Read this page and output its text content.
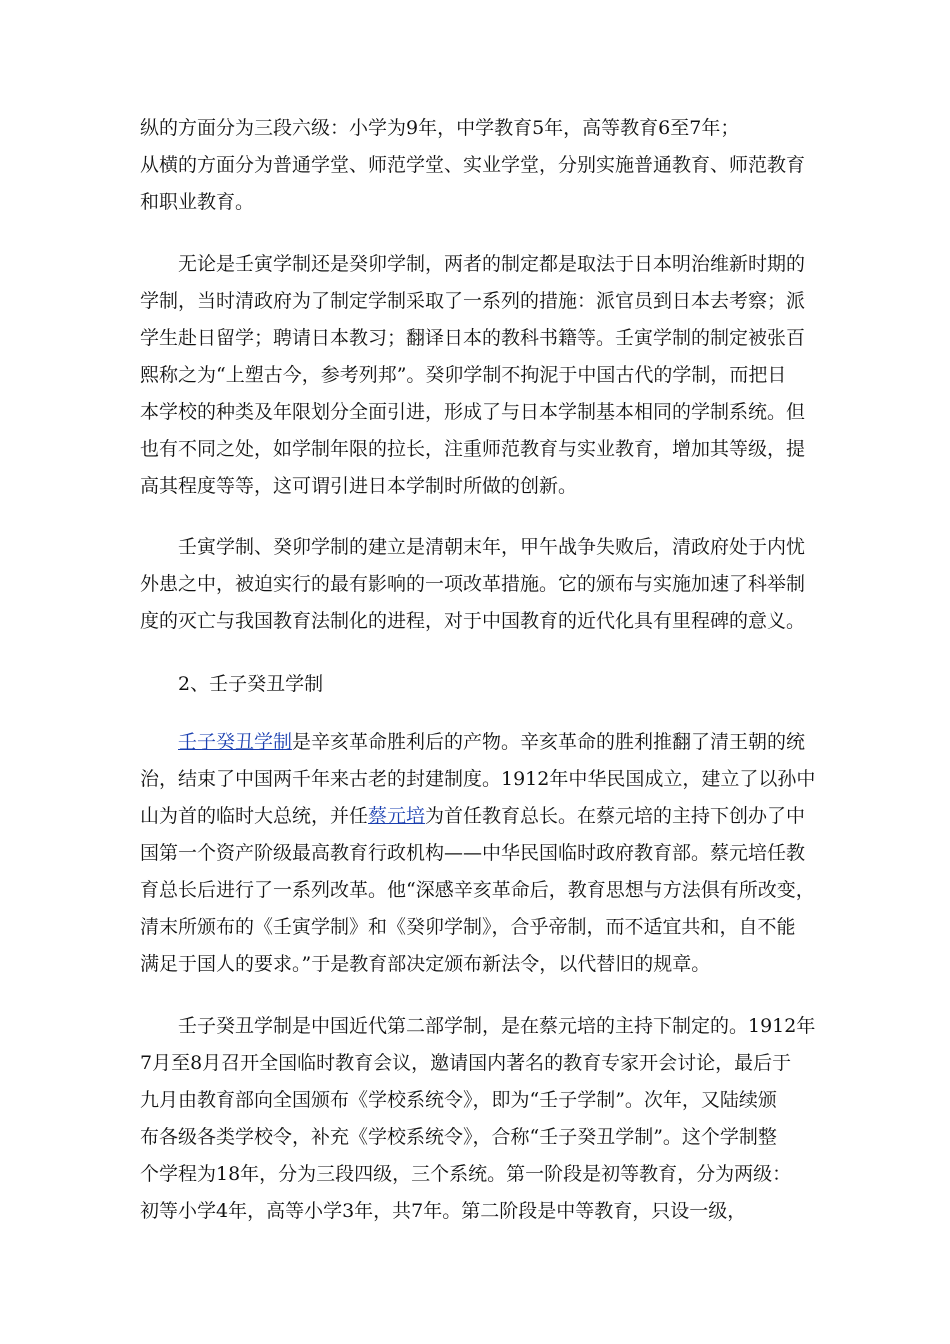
纵的方面分为三段六级：小学为9年，中学教育5年，高等教育6至7年；
从横的方面分为普通学堂、师范学堂、实业学堂，分别实施普通教育、师范教育
和职业教育。
无论是壬寅学制还是癸卯学制，两者的制定都是取法于日本明治维新时期的
学制，当时清政府为了制定学制采取了一系列的措施：派官员到日本去考察；派
学生赴日留学；聘请日本教习；翻译日本的教科书籍等。壬寅学制的制定被张百
熙称之为“上塑古今，参考列邦”。癸卯学制不拘泥于中国古代的学制，而把日
本学校的种类及年限划分全面引进，形成了与日本学制基本相同的学制系统。但
也有不同之处，如学制年限的拉长，注重师范教育与实业教育，增加其等级，提
高其程度等等，这可谓引进日本学制时所做的创新。
壬寅学制、癸卯学制的建立是清朝末年，甲午战争失败后，清政府处于内忧
外患之中，被迫实行的最有影响的一项改革措施。它的颁布与实施加速了科举制
度的灭亡与我国教育法制化的进程，对于中国教育的近代化具有里程碑的意义。
2、壬子癸丑学制
壬子癸丑学制是辛亥革命胜利后的产物。辛亥革命的胜利推翻了清王朝的统
治，结束了中国两千年来古老的封建制度。1912年中华民国成立，建立了以孙中
山为首的临时大总统，并任蔡元培为首任教育总长。在蔡元培的主持下创办了中
国第一个资产阶级最高教育行政机构——中华民国临时政府教育部。蔡元培任教
育总长后进行了一系列改革。他“深感辛亥革命后，教育思想与方法俱有所改变，
清末所颁布的《壬寅学制》和《癸卯学制》，合乎帝制，而不适宜共和，自不能
满足于国人的要求。”于是教育部决定颁布新法令，以代替旧的规章。
壬子癸丑学制是中国近代第二部学制，是在蔡元培的主持下制定的。1912年
7月至8月召开全国临时教育会议，邀请国内著名的教育专家开会讨论，最后于
九月由教育部向全国颁布《学校系统令》，即为“壬子学制”。次年，又陆续颁
布各级各类学校令，补充《学校系统令》，合称“壬子癸丑学制”。这个学制整
个学程为18年，分为三段四级，三个系统。第一阶段是初等教育，分为两级：
初等小学4年，高等小学3年，共7年。第二阶段是中等教育，只设一级，
